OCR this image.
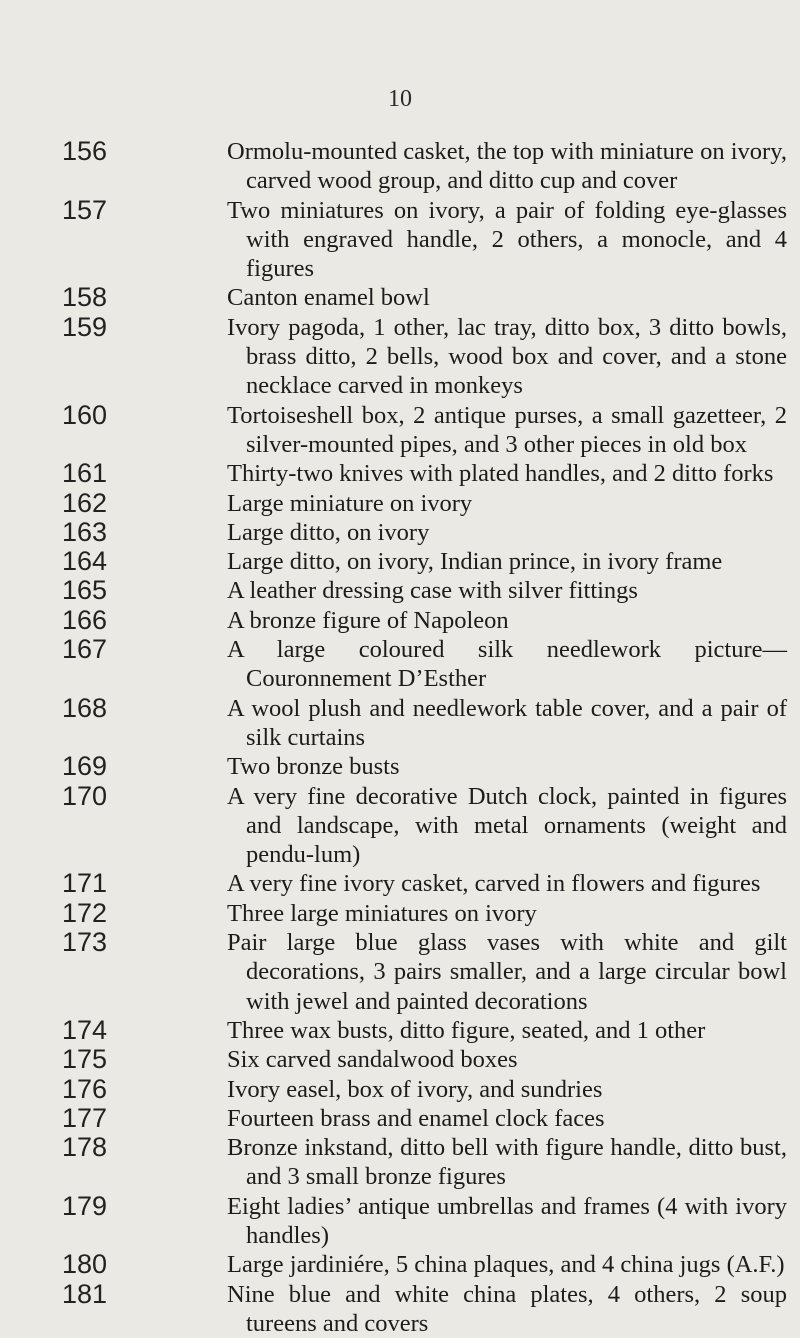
10
156	Ormolu-mounted casket, the top with miniature on ivory, carved wood group, and ditto cup and cover
157	Two miniatures on ivory, a pair of folding eye-glasses with engraved handle, 2 others, a monocle, and 4 figures
158	Canton enamel bowl
159	Ivory pagoda, 1 other, lac tray, ditto box, 3 ditto bowls, brass ditto, 2 bells, wood box and cover, and a stone necklace carved in monkeys
160	Tortoiseshell box, 2 antique purses, a small gazetteer, 2 silver-mounted pipes, and 3 other pieces in old box
161	Thirty-two knives with plated handles, and 2 ditto forks
162	Large miniature on ivory
163	Large ditto, on ivory
164	Large ditto, on ivory, Indian prince, in ivory frame
165	A leather dressing case with silver fittings
166	A bronze figure of Napoleon
167	A large coloured silk needlework picture—Couronnement D’Esther
168	A wool plush and needlework table cover, and a pair of silk curtains
169	Two bronze busts
170	A very fine decorative Dutch clock, painted in figures and landscape, with metal ornaments (weight and pendu-lum)
171	A very fine ivory casket, carved in flowers and figures
172	Three large miniatures on ivory
173	Pair large blue glass vases with white and gilt decorations, 3 pairs smaller, and a large circular bowl with jewel and painted decorations
174	Three wax busts, ditto figure, seated, and 1 other
175	Six carved sandalwood boxes
176	Ivory easel, box of ivory, and sundries
177	Fourteen brass and enamel clock faces
178	Bronze inkstand, ditto bell with figure handle, ditto bust, and 3 small bronze figures
179	Eight ladies’ antique umbrellas and frames (4 with ivory handles)
180	Large jardiniére, 5 china plaques, and 4 china jugs (A.F.)
181	Nine blue and white china plates, 4 others, 2 soup tureens and covers
